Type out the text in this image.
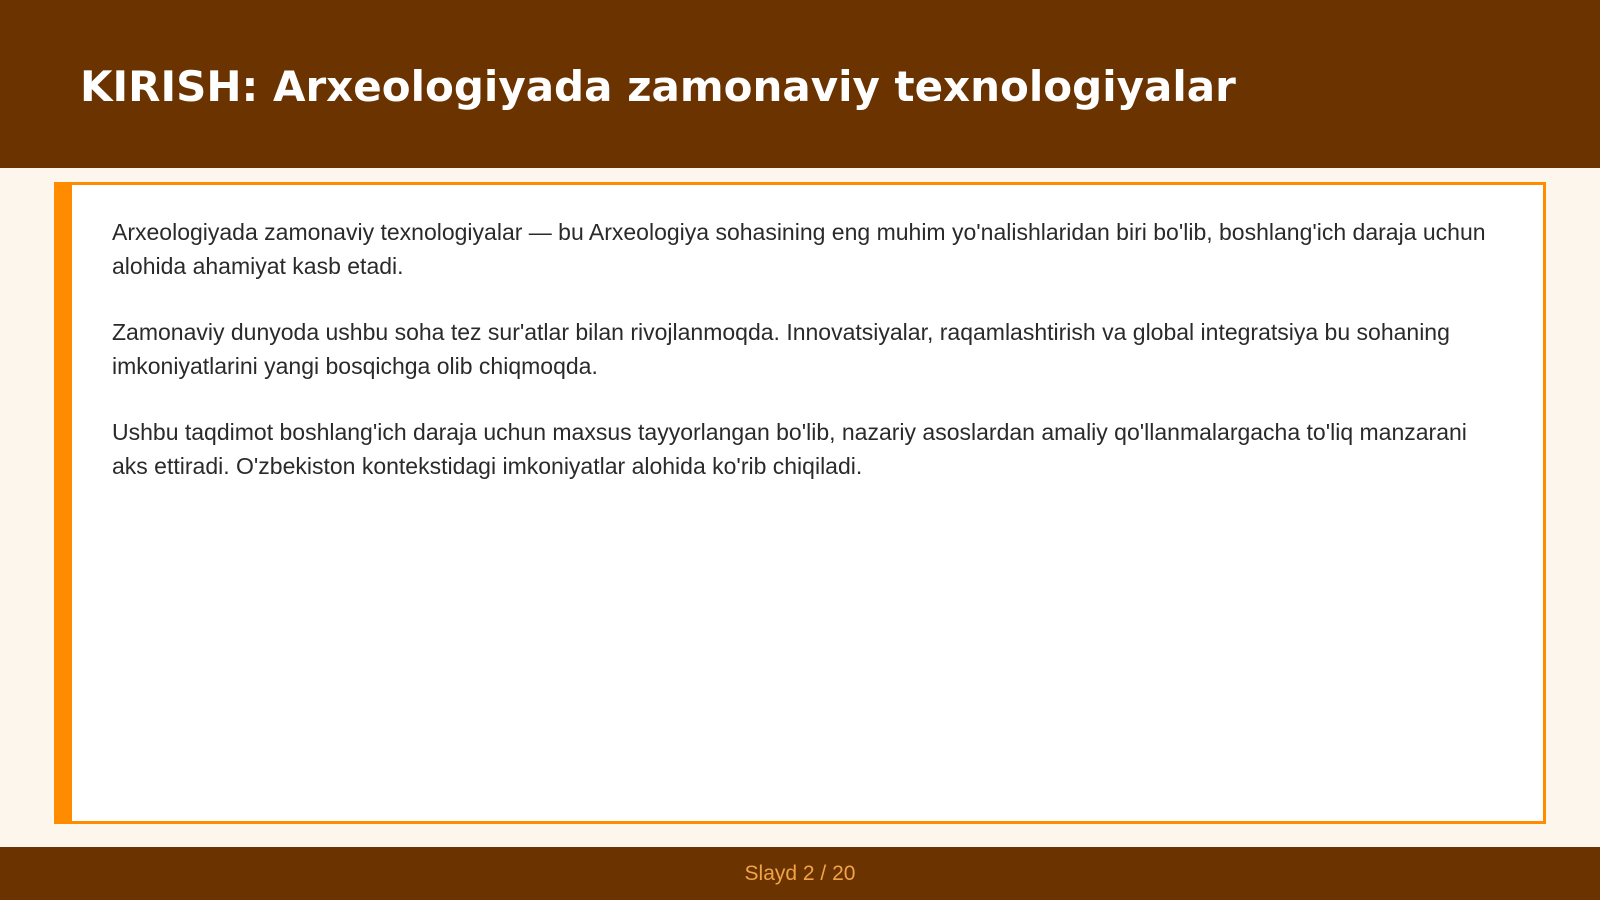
KIRISH: Arxeologiyada zamonaviy texnologiyalar

Arxeologiyada zamonaviy texnologiyalar — bu Arxeologiya sohasining eng muhim yo'nalishlaridan biri bo'lib, boshlang'ich daraja uchun alohida ahamiyat kasb etadi.

Zamonaviy dunyoda ushbu soha tez sur'atlar bilan rivojlanmoqda. Innovatsiyalar, raqamlashtirish va global integratsiya bu sohaning imkoniyatlarini yangi bosqichga olib chiqmoqda.

Ushbu taqdimot boshlang'ich daraja uchun maxsus tayyorlangan bo'lib, nazariy asoslardan amaliy qo'llanmalargacha to'liq manzarani aks ettiradi. O'zbekiston kontekstidagi imkoniyatlar alohida ko'rib chiqiladi.

Slayd 2 / 20
